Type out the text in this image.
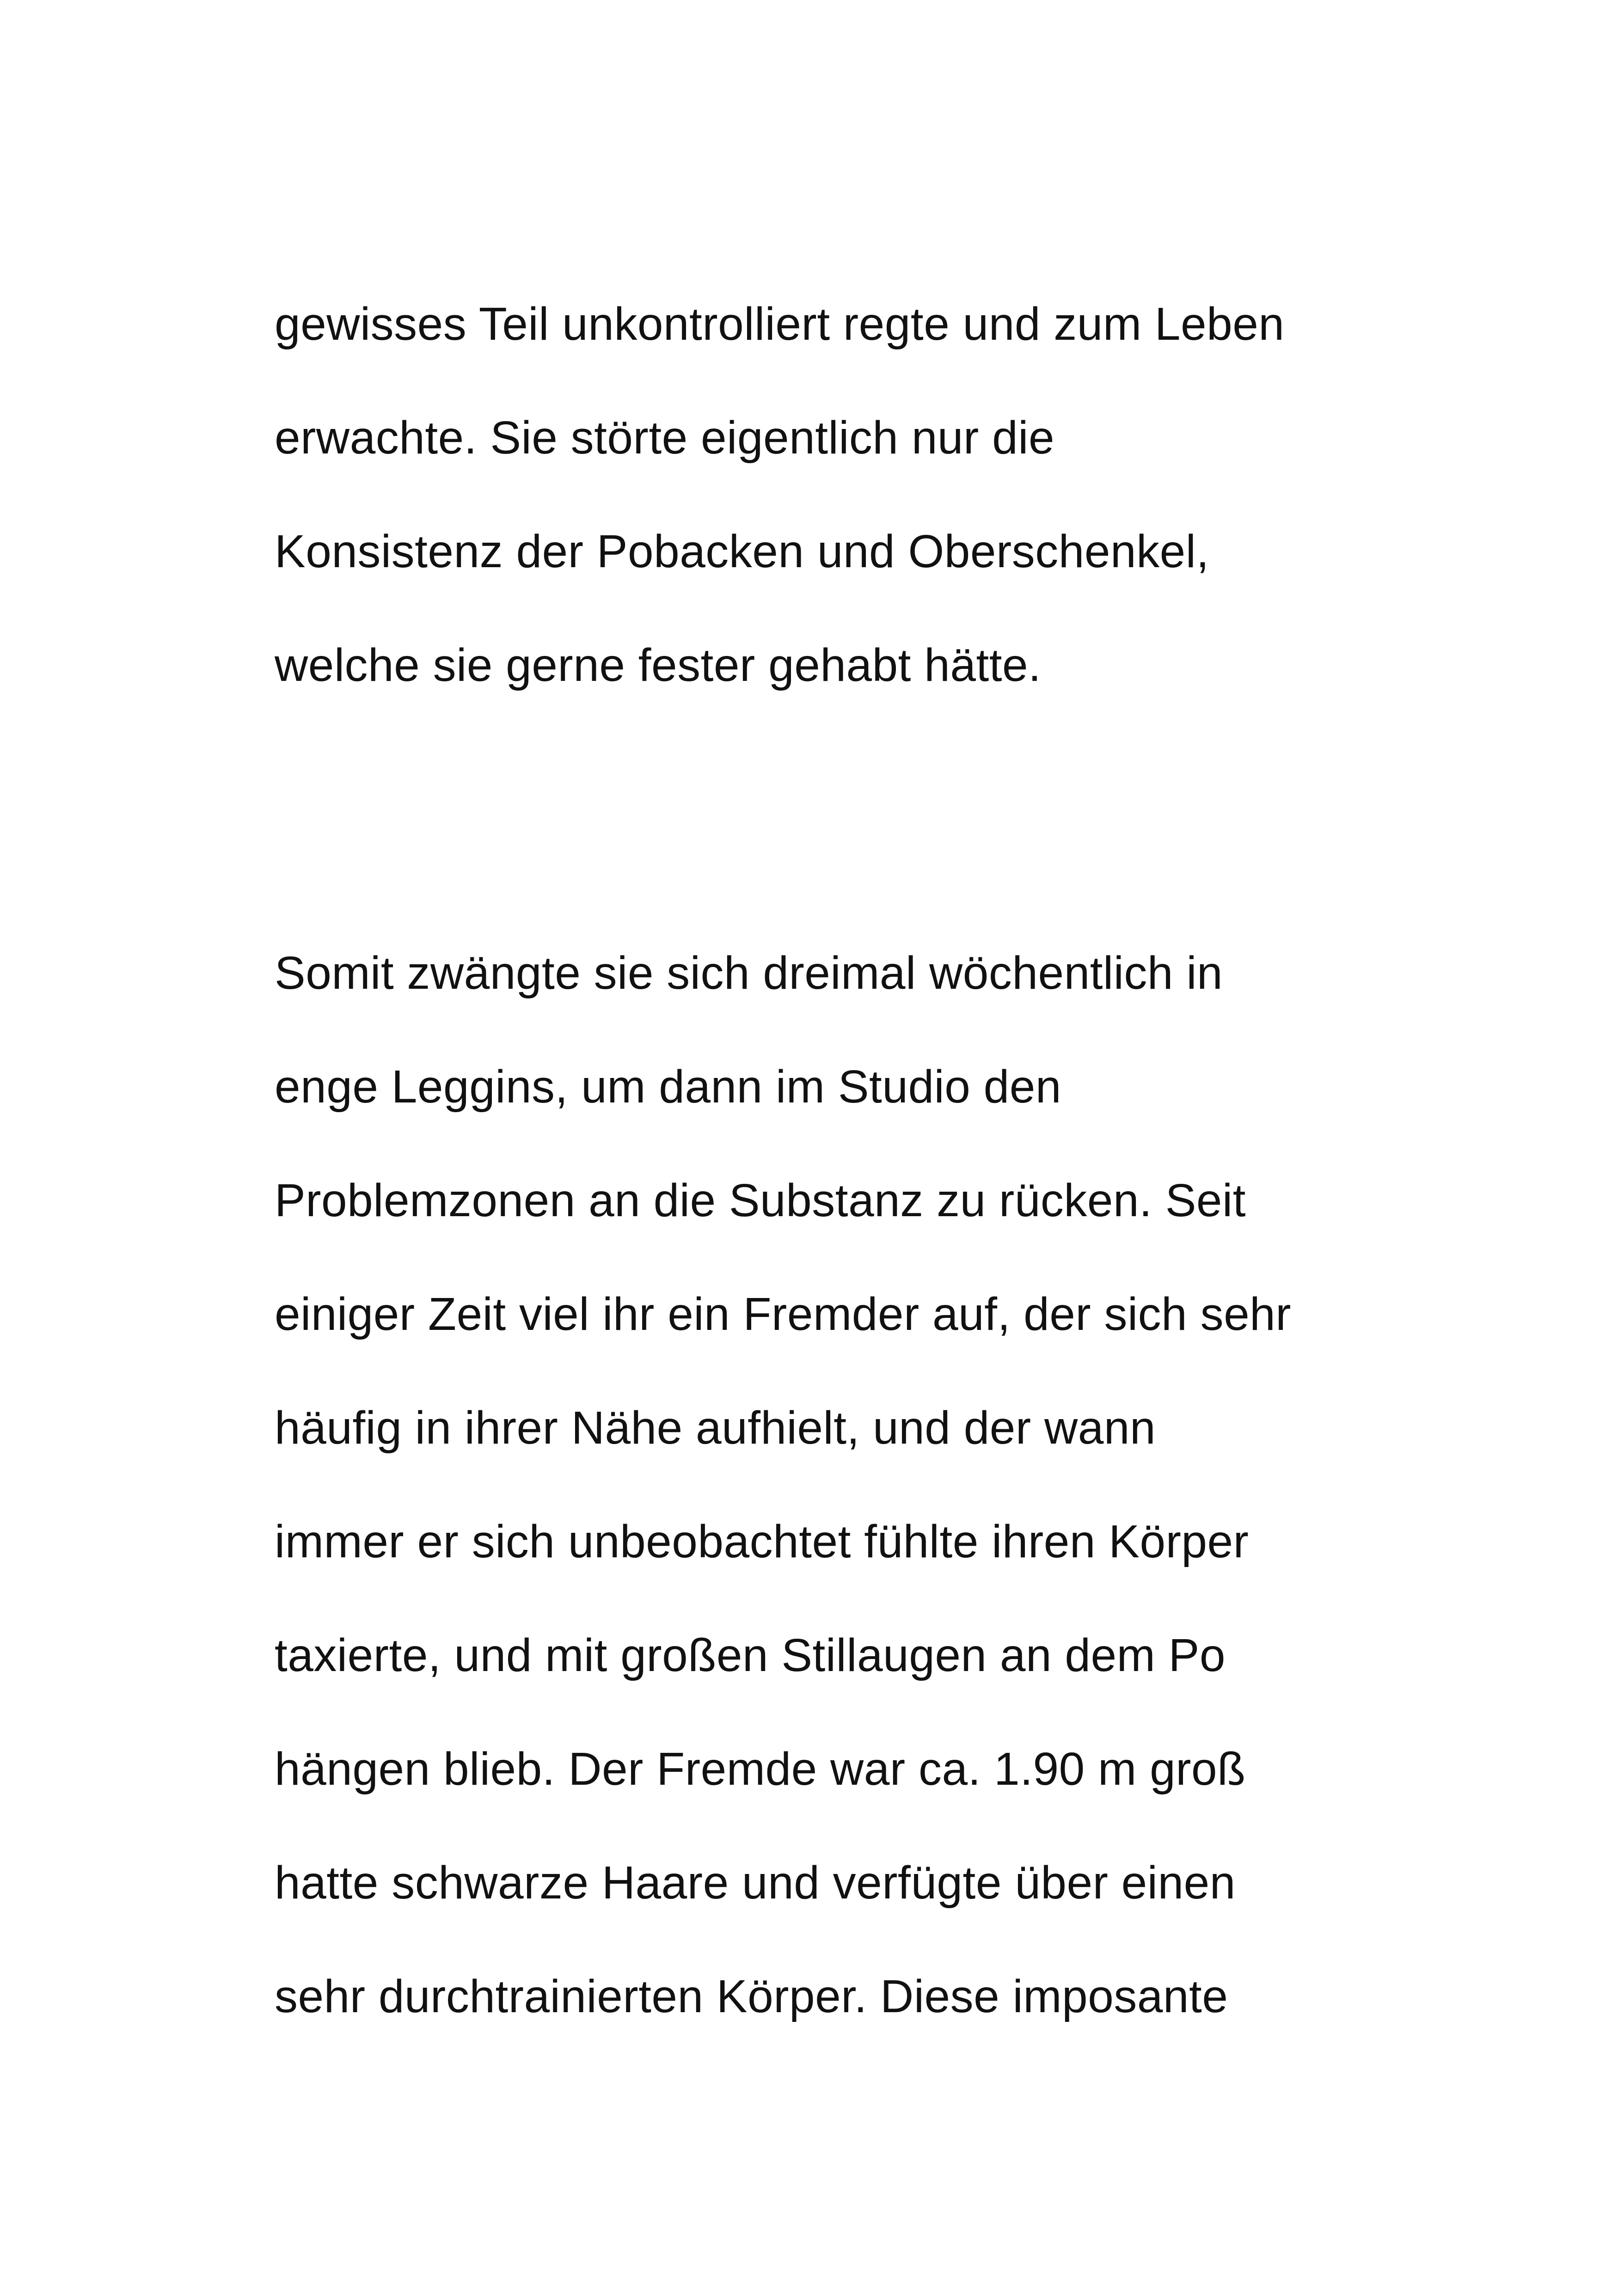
gewisses Teil unkontrolliert regte und zum Leben
erwachte. Sie störte eigentlich nur die
Konsistenz der Pobacken und Oberschenkel,
welche sie gerne fester gehabt hätte.
Somit zwängte sie sich dreimal wöchentlich in
enge Leggins, um dann im Studio den
Problemzonen an die Substanz zu rücken. Seit
einiger Zeit viel ihr ein Fremder auf, der sich sehr
häufig in ihrer Nähe aufhielt, und der wann
immer er sich unbeobachtet fühlte ihren Körper
taxierte, und mit großen Stillaugen an dem Po
hängen blieb. Der Fremde war ca. 1.90 m groß
hatte schwarze Haare und verfügte über einen
sehr durchtrainierten Körper. Diese imposante
